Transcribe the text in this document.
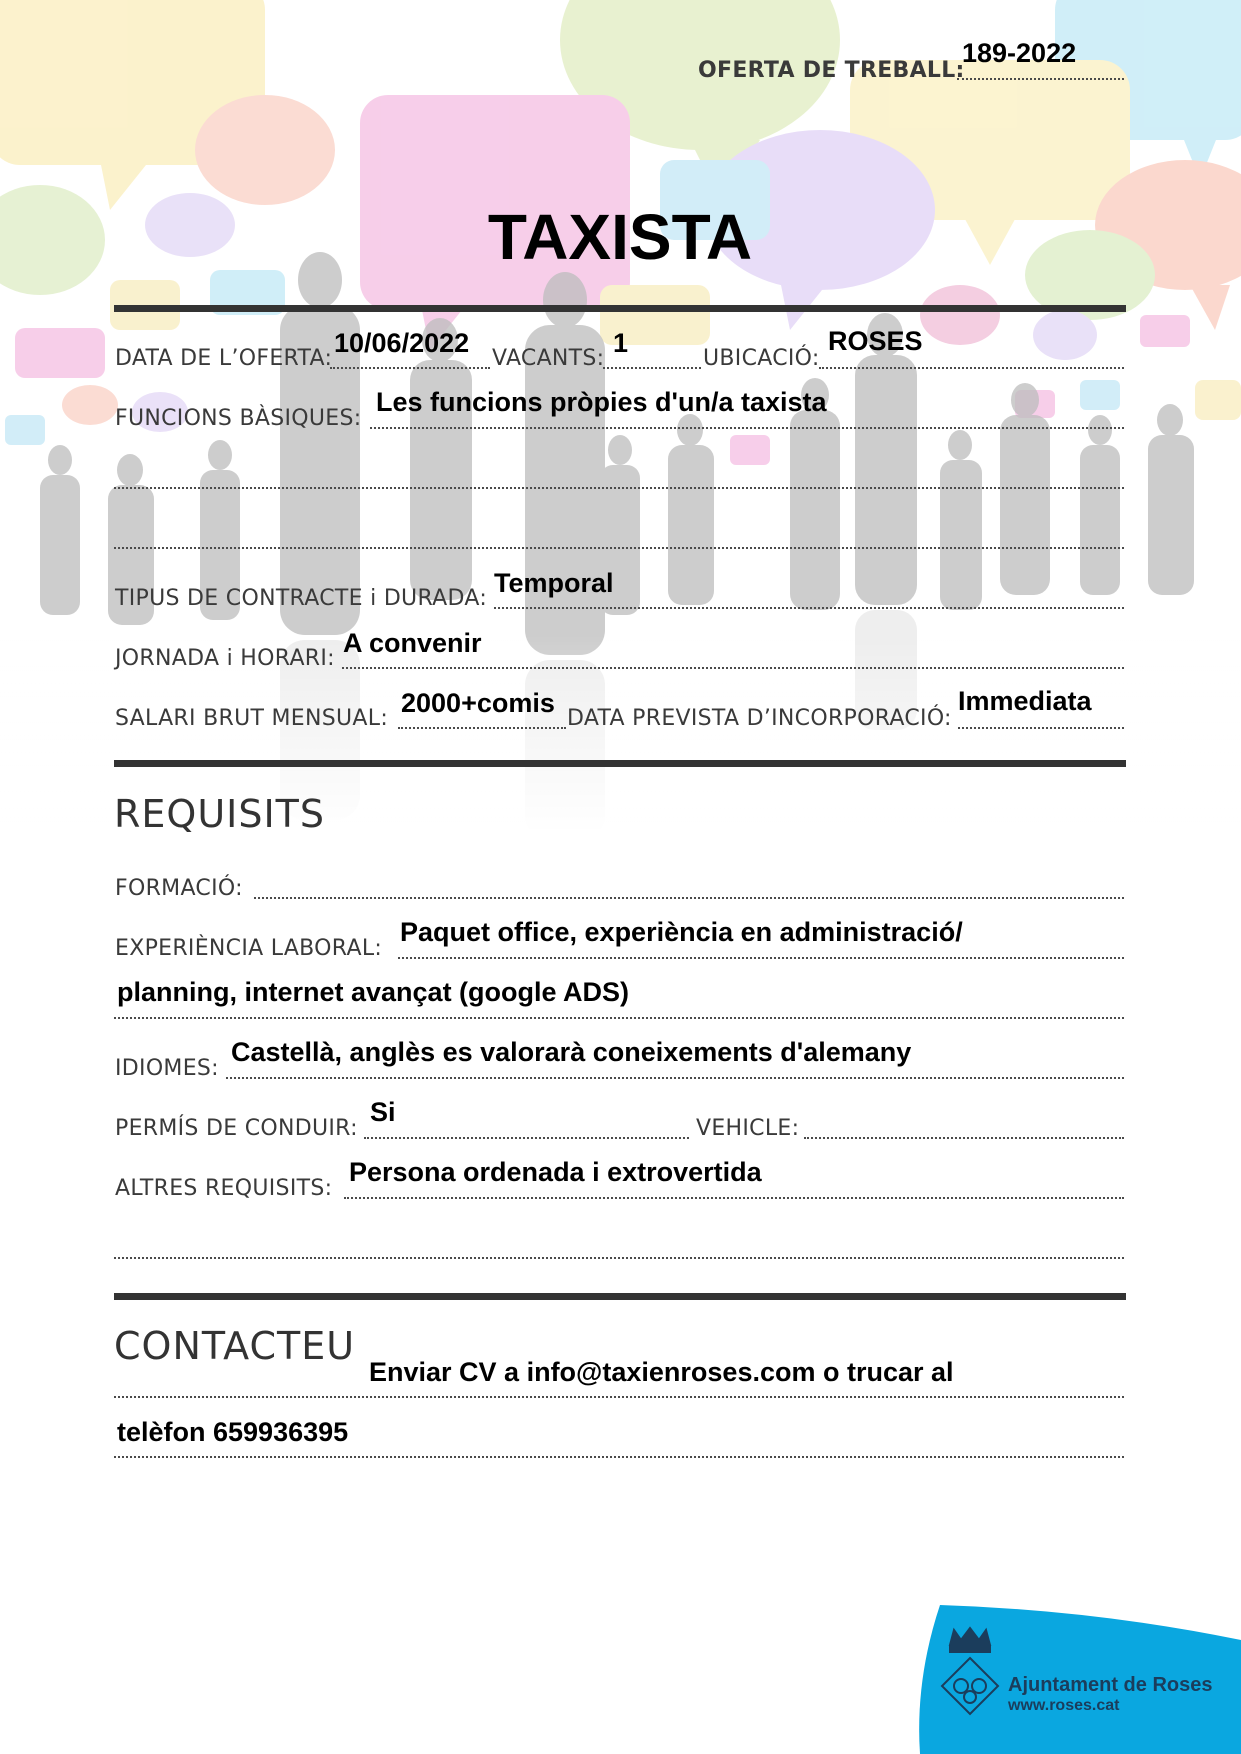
OFERTA DE TREBALL:
189-2022
TAXISTA
DATA DE L’OFERTA:
10/06/2022
VACANTS:
1
UBICACIÓ:
ROSES
FUNCIONS BÀSIQUES:
Les funcions pròpies d'un/a taxista
TIPUS DE CONTRACTE i DURADA:
Temporal
JORNADA i HORARI:
A convenir
SALARI BRUT MENSUAL:
2000+comis
DATA PREVISTA D’INCORPORACIÓ:
Immediata
REQUISITS
FORMACIÓ:
EXPERIÈNCIA LABORAL:
Paquet office, experiència en administració/
planning, internet avançat (google ADS)
IDIOMES:
Castellà, anglès es valorarà coneixements d'alemany
PERMÍS DE CONDUIR:
Si
VEHICLE:
ALTRES REQUISITS:
Persona ordenada i extrovertida
CONTACTEU
Enviar CV a info@taxienroses.com o trucar al
telèfon 659936395
Ajuntament de Roses
www.roses.cat
